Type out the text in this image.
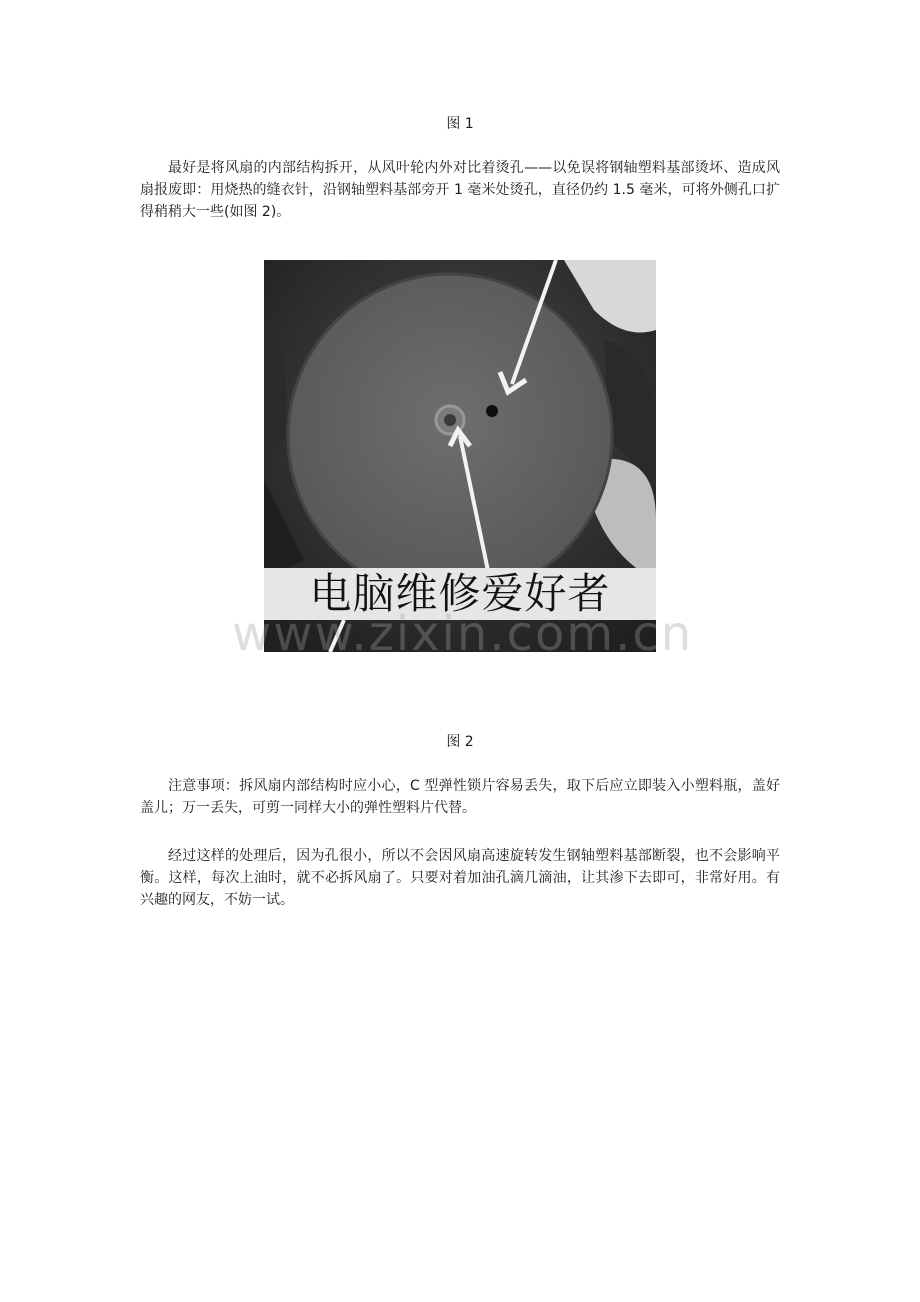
图 1

最好是将风扇的内部结构拆开，从风叶轮内外对比着烫孔——以免误将钢轴塑料基部烫坏、造成风扇报废即：用烧热的缝衣针，沿钢轴塑料基部旁开 1 毫米处烫孔，直径仍约 1.5 毫米，可将外侧孔口扩得稍稍大一些(如图 2)。

电脑维修爱好者
www.zixin.com.cn
图 2

注意事项：拆风扇内部结构时应小心，C 型弹性锁片容易丢失，取下后应立即装入小塑料瓶，盖好盖儿；万一丢失，可剪一同样大小的弹性塑料片代替。

经过这样的处理后，因为孔很小，所以不会因风扇高速旋转发生钢轴塑料基部断裂，也不会影响平衡。这样，每次上油时，就不必拆风扇了。只要对着加油孔滴几滴油，让其渗下去即可，非常好用。有兴趣的网友，不妨一试。
